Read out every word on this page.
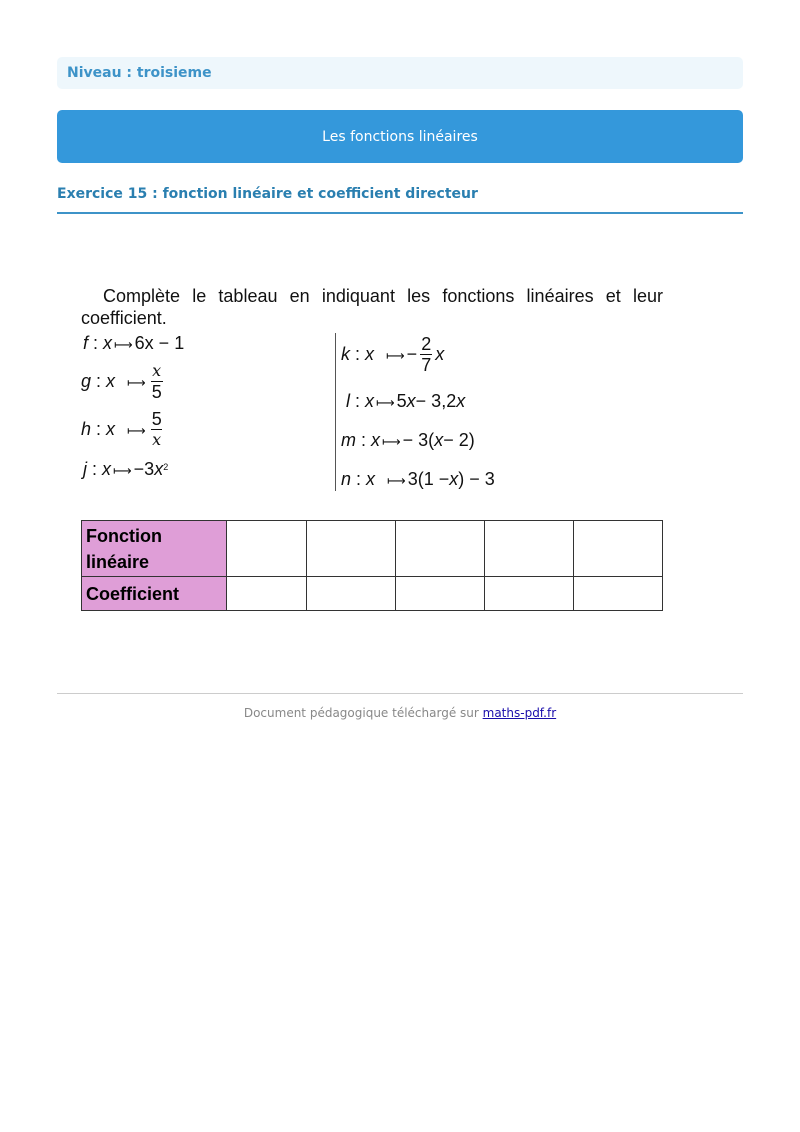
Niveau : troisieme
Les fonctions linéaires
Exercice 15 : fonction linéaire et coefficient directeur
Complète le tableau en indiquant les fonctions linéaires et leur coefficient.
f : x ⟼ 6x − 1
g : x
⟼ $\frac{x}{5}$
h : x
⟼ $\frac{5}{x}$
j : x ⟼ −3 $x^2$
k : x
⟼ − $\frac{2}{7}$ x
l : x ⟼ 5 x − 3,2 x
m : x ⟼ − 3( x − 2)
n : x
⟼ 3(1 − x ) − 3
Fonction linéaire					
Coefficient					
Document pédagogique téléchargé sur maths-pdf.fr
